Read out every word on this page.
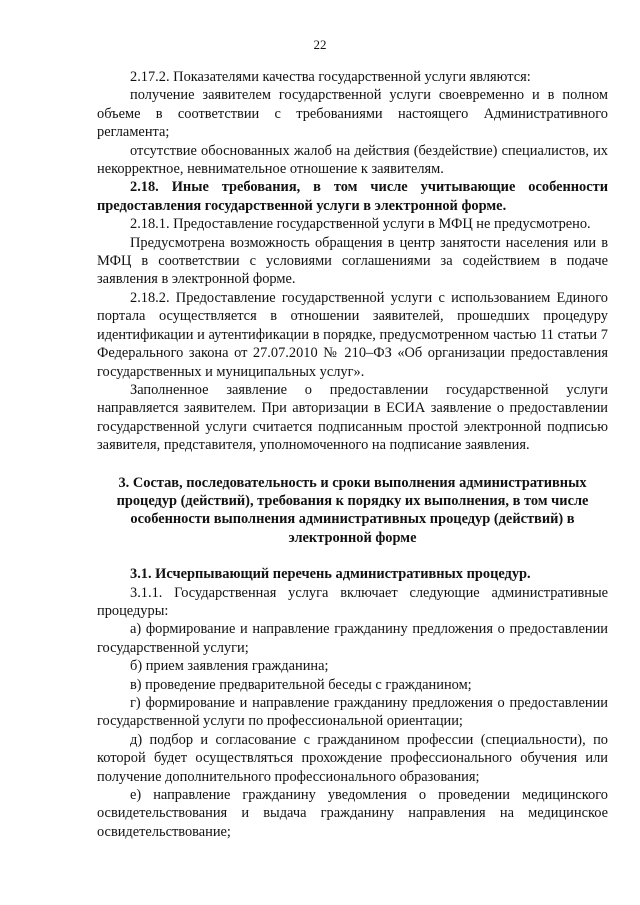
22

2.17.2. Показателями качества государственной услуги являются:

получение заявителем государственной услуги своевременно и в полном объеме в соответствии с требованиями настоящего Административного регламента;

отсутствие обоснованных жалоб на действия (бездействие) специалистов, их некорректное, невнимательное отношение к заявителям.

2.18. Иные требования, в том числе учитывающие особенности предоставления государственной услуги в электронной форме.

2.18.1. Предоставление государственной услуги в МФЦ не предусмотрено.

Предусмотрена возможность обращения в центр занятости населения или в МФЦ в соответствии с условиями соглашениями за содействием в подаче заявления в электронной форме.

2.18.2. Предоставление государственной услуги с использованием Единого портала осуществляется в отношении заявителей, прошедших процедуру идентификации и аутентификации в порядке, предусмотренном частью 11 статьи 7 Федерального закона от 27.07.2010 № 210–ФЗ «Об организации предоставления государственных и муниципальных услуг».

Заполненное заявление о предоставлении государственной услуги направляется заявителем. При авторизации в ЕСИА заявление о предоставлении государственной услуги считается подписанным простой электронной подписью заявителя, представителя, уполномоченного на подписание заявления.

3. Состав, последовательность и сроки выполнения административных процедур (действий), требования к порядку их выполнения, в том числе особенности выполнения административных процедур (действий) в электронной форме

3.1. Исчерпывающий перечень административных процедур.

3.1.1. Государственная услуга включает следующие административные процедуры:

а) формирование и направление гражданину предложения о предоставлении государственной услуги;

б) прием заявления гражданина;

в) проведение предварительной беседы с гражданином;

г) формирование и направление гражданину предложения о предоставлении государственной услуги по профессиональной ориентации;

д) подбор и согласование с гражданином профессии (специальности), по которой будет осуществляться прохождение профессионального обучения или получение дополнительного профессионального образования;

е) направление гражданину уведомления о проведении медицинского освидетельствования и выдача гражданину направления на медицинское освидетельствование;
